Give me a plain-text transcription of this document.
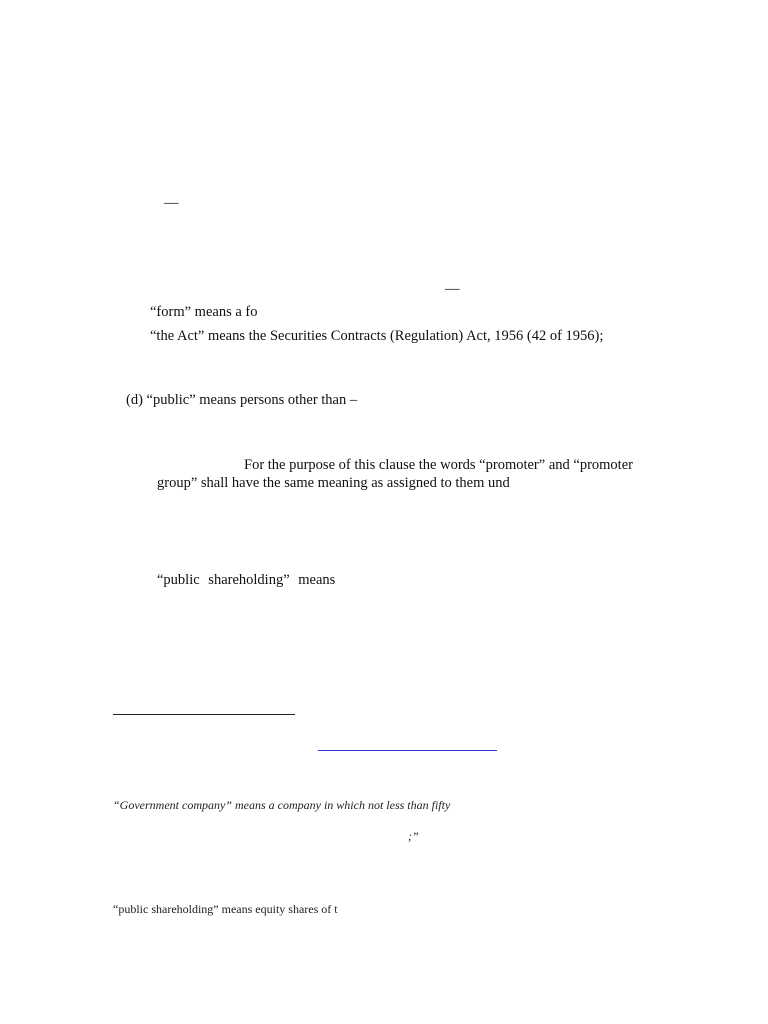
—
—
“form” means a fo
“the Act” means the Securities Contracts (Regulation) Act, 1956 (42 of 1956);
(d) “public” means persons other than –
For the purpose of this clause the words “promoter” and “promoter
group” shall have the same meaning as assigned to them und
“public shareholding” means
“Government company” means a company in which not less than fifty
;”
“public shareholding” means equity shares of t
